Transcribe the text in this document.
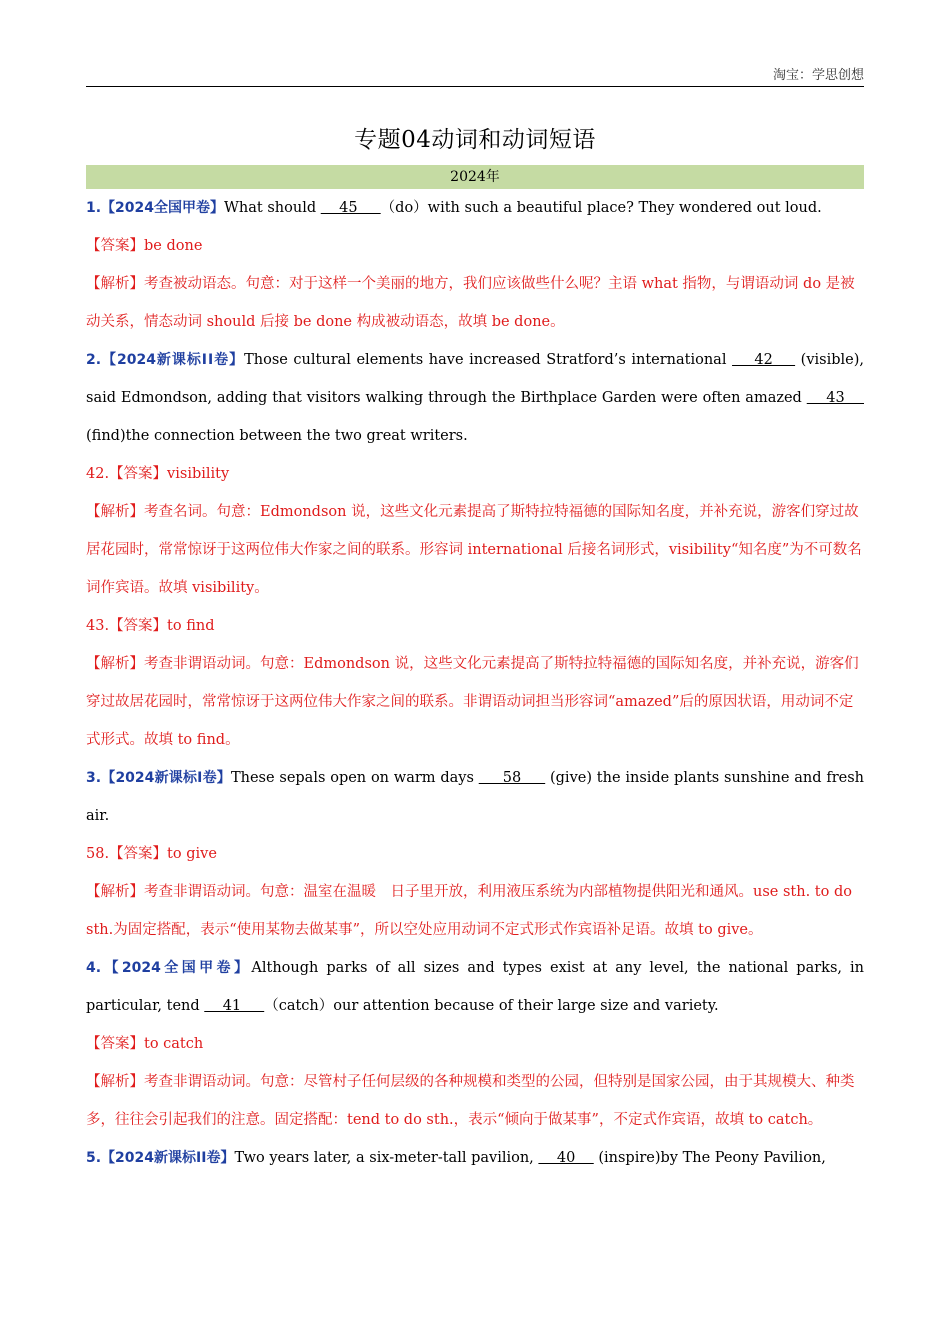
淘宝：学思创想
专题04动词和动词短语
2024年

1.【2024全国甲卷】What should     45     （do）with such a beautiful place? They wondered out loud.

【答案】be done

【解析】考查被动语态。句意：对于这样一个美丽的地方，我们应该做些什么呢？主语 what 指物，与谓语动词 do 是被动关系，情态动词 should 后接 be done 构成被动语态，故填 be done。

2.【2024新课标ⅠⅠ卷】Those cultural elements have increased Stratford’s international     42     (visible), said Edmondson, adding that visitors walking through the Birthplace Garden were often amazed     43     (find)the connection between the two great writers.

42.【答案】visibility

【解析】考查名词。句意：Edmondson 说，这些文化元素提高了斯特拉特福德的国际知名度，并补充说，游客们穿过故居花园时，常常惊讶于这两位伟大作家之间的联系。形容词 international 后接名词形式，visibility“知名度”为不可数名词作宾语。故填 visibility。

43.【答案】to find

【解析】考查非谓语动词。句意：Edmondson 说，这些文化元素提高了斯特拉特福德的国际知名度，并补充说，游客们穿过故居花园时，常常惊讶于这两位伟大作家之间的联系。非谓语动词担当形容词“amazed”后的原因状语，用动词不定式形式。故填 to find。

3.【2024新课标Ⅰ卷】These sepals open on warm days      58      (give) the inside plants sunshine and fresh air.

58.【答案】to give

【解析】考查非谓语动词。句意：温室在温暖　日子里开放，利用液压系统为内部植物提供阳光和通风。use sth. to do sth.为固定搭配，表示“使用某物去做某事”，所以空处应用动词不定式形式作宾语补足语。故填 to give。

4.【2024全国甲卷】Although parks of all sizes and types exist at any level, the national parks, in particular, tend     41     （catch）our attention because of their large size and variety.

【答案】to catch

【解析】考查非谓语动词。句意：尽管村子任何层级的各种规模和类型的公园，但特别是国家公园，由于其规模大、种类多，往往会引起我们的注意。固定搭配：tend to do sth.，表示“倾向于做某事”，不定式作宾语，故填 to catch。

5.【2024新课标ⅠⅠ卷】Two years later, a six-meter-tall pavilion,     40     (inspire)by The Peony Pavilion,
